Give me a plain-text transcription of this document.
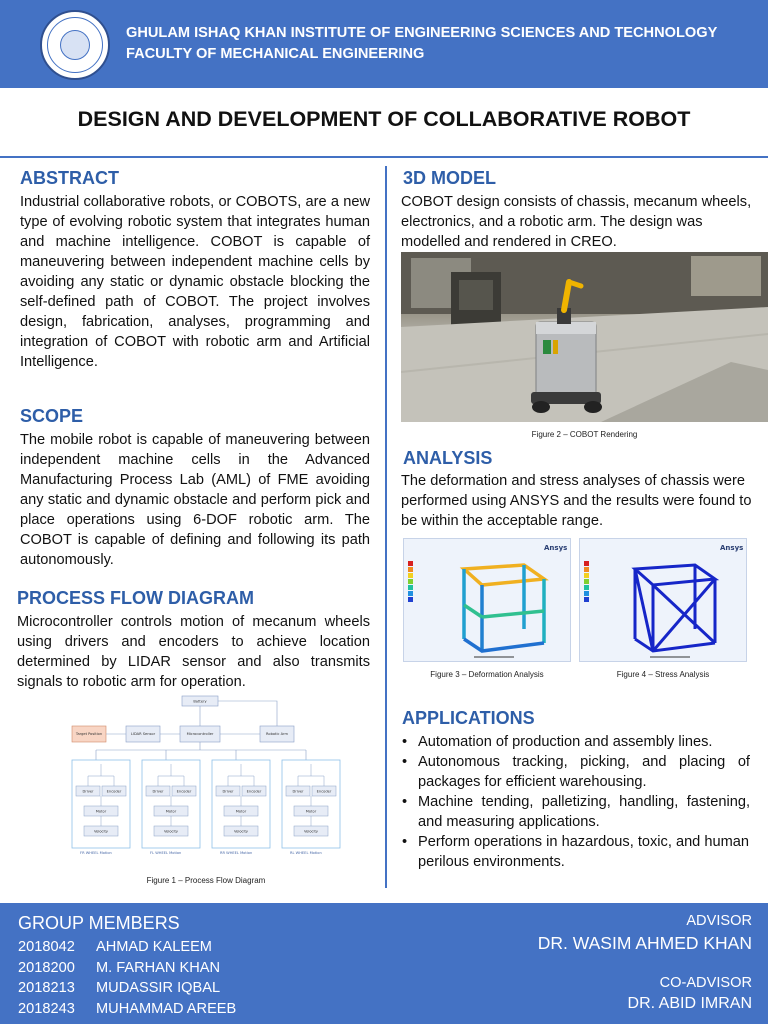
GHULAM ISHAQ KHAN INSTITUTE OF ENGINEERING SCIENCES AND TECHNOLOGY
FACULTY OF MECHANICAL ENGINEERING
DESIGN AND DEVELOPMENT OF COLLABORATIVE ROBOT
ABSTRACT
Industrial collaborative robots, or COBOTS, are a new type of evolving robotic system that integrates human and machine intelligence. COBOT is capable of maneuvering between independent machine cells by avoiding any static or dynamic obstacle blocking the self-defined path of COBOT. The project involves design, fabrication, analyses, programming and integration of COBOT with robotic arm and Artificial Intelligence.
SCOPE
The mobile robot is capable of maneuvering between independent machine cells in the Advanced Manufacturing Process Lab (AML) of FME avoiding any static and dynamic obstacle and perform pick and place operations using 6-DOF robotic arm. The COBOT is capable of defining and following its path autonomously.
PROCESS FLOW DIAGRAM
Microcontroller controls motion of mecanum wheels using drivers and encoders to achieve location determined by LIDAR sensor and also transmits signals to robotic arm for operation.
Battery
Target Position	LIDAR Sensor	Microcontroller	Robotic Arm
Driver	Encoder
Motor
Velocity
FR WHEEL Motion
Driver	Encoder
Motor
Velocity
FL WHEEL Motion
Driver	Encoder
Motor
Velocity
RR WHEEL Motion
Driver	Encoder
Motor
Velocity
RL WHEEL Motion
Figure 1 – Process Flow Diagram
3D MODEL
COBOT design consists of chassis, mecanum wheels, electronics, and a robotic arm. The design was modelled and rendered in CREO.
Figure 2 – COBOT Rendering
ANALYSIS
The deformation and stress analyses of chassis were performed using ANSYS and the results were found to be within the acceptable range.
Ansys	Ansys
Figure 3 – Deformation Analysis	Figure 4 – Stress Analysis
APPLICATIONS
• Automation of production and assembly lines.
• Autonomous tracking, picking, and placing of packages for efficient warehousing.
• Machine tending, palletizing, handling, fastening, and measuring applications.
• Perform operations in hazardous, toxic, and human perilous environments.
GROUP MEMBERS
2018042 AHMAD KALEEM
2018200 M. FARHAN KHAN
2018213 MUDASSIR IQBAL
2018243 MUHAMMAD AREEB
ADVISOR
DR. WASIM AHMED KHAN
CO-ADVISOR
DR. ABID IMRAN
